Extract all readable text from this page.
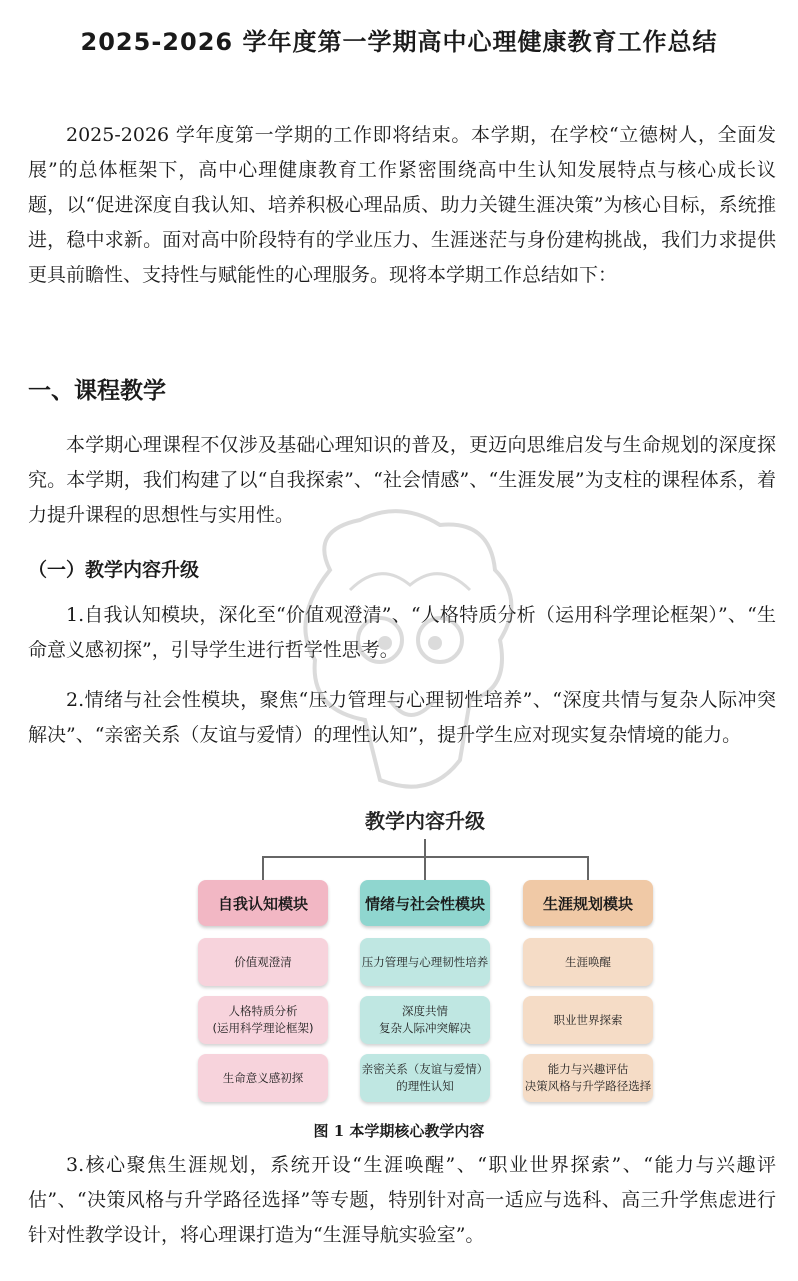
2025-2026 学年度第一学期高中心理健康教育工作总结

2025-2026 学年度第一学期的工作即将结束。本学期，在学校“立德树人，全面发展”的总体框架下，高中心理健康教育工作紧密围绕高中生认知发展特点与核心成长议题，以“促进深度自我认知、培养积极心理品质、助力关键生涯决策”为核心目标，系统推进，稳中求新。面对高中阶段特有的学业压力、生涯迷茫与身份建构挑战，我们力求提供更具前瞻性、支持性与赋能性的心理服务。现将本学期工作总结如下：

一、课程教学

本学期心理课程不仅涉及基础心理知识的普及，更迈向思维启发与生命规划的深度探究。本学期，我们构建了以“自我探索”、“社会情感”、“生涯发展”为支柱的课程体系，着力提升课程的思想性与实用性。

（一）教学内容升级

1.自我认知模块，深化至“价值观澄清”、“人格特质分析（运用科学理论框架）”、“生命意义感初探”，引导学生进行哲学性思考。

2.情绪与社会性模块，聚焦“压力管理与心理韧性培养”、“深度共情与复杂人际冲突解决”、“亲密关系（友谊与爱情）的理性认知”，提升学生应对现实复杂情境的能力。

教学内容升级
自我认知模块
价值观澄清
人格特质分析
(运用科学理论框架)
生命意义感初探
情绪与社会性模块
压力管理与心理韧性培养
深度共情
复杂人际冲突解决
亲密关系（友谊与爱情）
的理性认知
生涯规划模块
生涯唤醒
职业世界探索
能力与兴趣评估
决策风格与升学路径选择
图 1 本学期核心教学内容

3.核心聚焦生涯规划，系统开设“生涯唤醒”、“职业世界探索”、“能力与兴趣评估”、“决策风格与升学路径选择”等专题，特别针对高一适应与选科、高三升学焦虑进行针对性教学设计，将心理课打造为“生涯导航实验室”。
